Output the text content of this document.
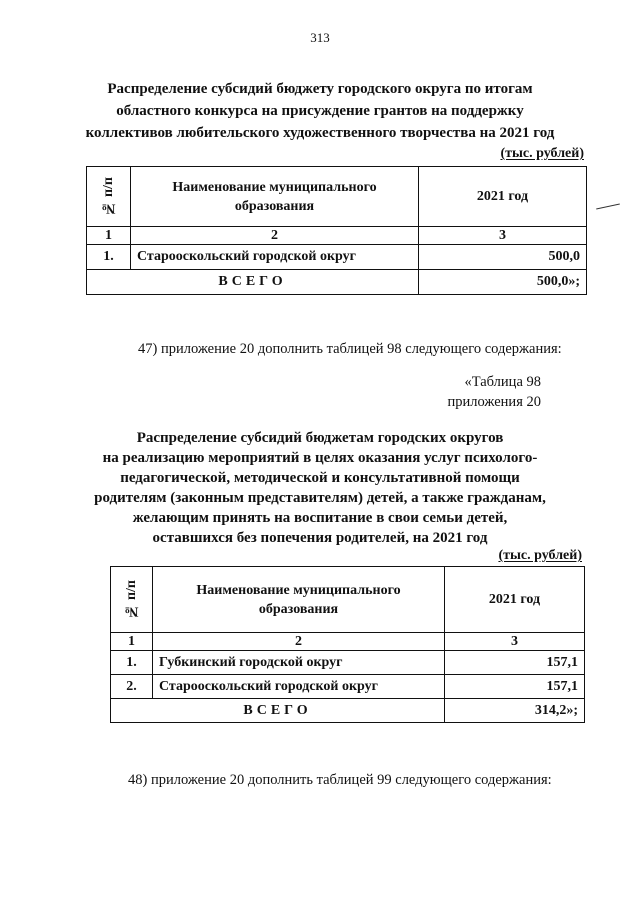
313
Распределение субсидий бюджету городского округа по итогам
областного конкурса на присуждение грантов на поддержку
коллективов любительского художественного творчества на 2021 год
(тыс. рублей)
№ п/п	Наименование муниципального образования	2021 год
1	2	3
1.	Старооскольский городской округ	500,0
ВСЕГО		500,0»;
47) приложение 20 дополнить таблицей 98 следующего содержания:
«Таблица 98
приложения 20
Распределение субсидий бюджетам городских округов
на реализацию мероприятий в целях оказания услуг психолого-
педагогической, методической и консультативной помощи
родителям (законным представителям) детей, а также гражданам,
желающим принять на воспитание в свои семьи детей,
оставшихся без попечения родителей, на 2021 год
(тыс. рублей)
№ п/п	Наименование муниципального образования	2021 год
1	2	3
1.	Губкинский городской округ	157,1
2.	Старооскольский городской округ	157,1
ВСЕГО		314,2»;
48) приложение 20 дополнить таблицей 99 следующего содержания:
